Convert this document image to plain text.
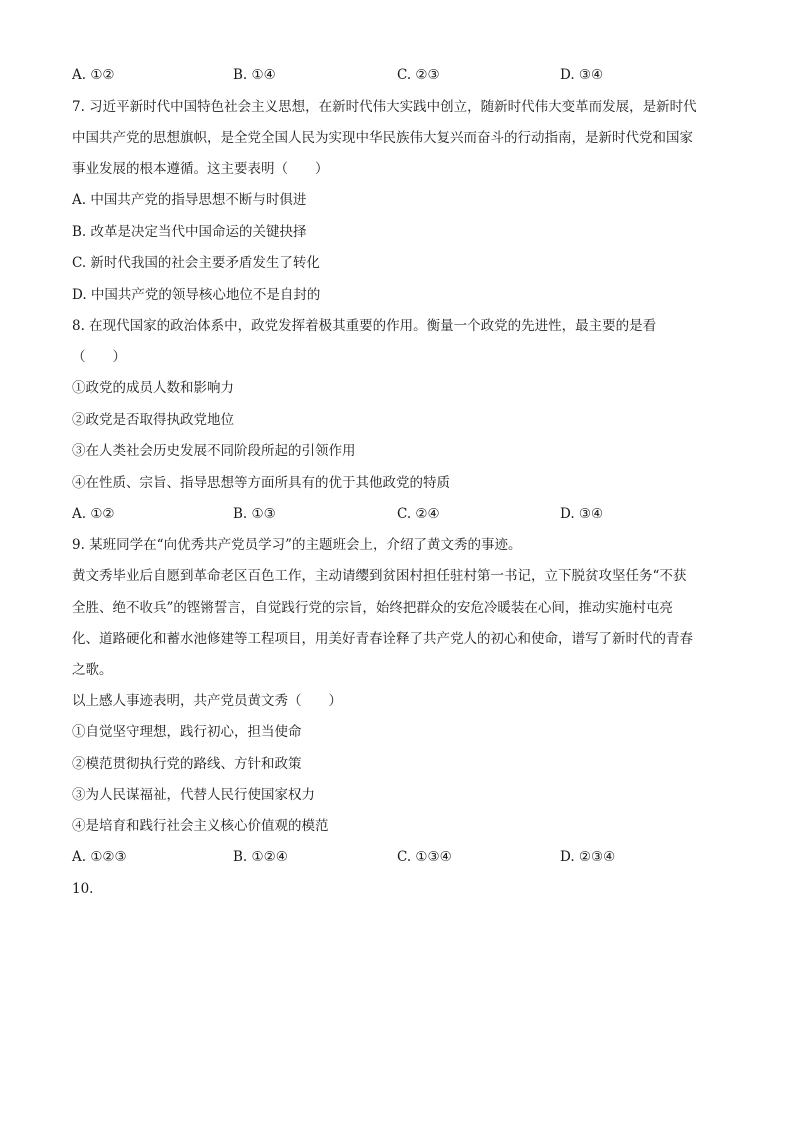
A. ①②	B. ①④	C. ②③	D. ③④
7. 习近平新时代中国特色社会主义思想，在新时代伟大实践中创立，随新时代伟大变革而发展，是新时代
中国共产党的思想旗帜，是全党全国人民为实现中华民族伟大复兴而奋斗的行动指南，是新时代党和国家
事业发展的根本遵循。这主要表明（　　）
A. 中国共产党的指导思想不断与时俱进
B. 改革是决定当代中国命运的关键抉择
C. 新时代我国的社会主要矛盾发生了转化
D. 中国共产党的领导核心地位不是自封的
8. 在现代国家的政治体系中，政党发挥着极其重要的作用。衡量一个政党的先进性，最主要的是看
（　　）
①政党的成员人数和影响力
②政党是否取得执政党地位
③在人类社会历史发展不同阶段所起的引领作用
④在性质、宗旨、指导思想等方面所具有的优于其他政党的特质
A. ①②	B. ①③	C. ②④	D. ③④
9. 某班同学在“向优秀共产党员学习”的主题班会上，介绍了黄文秀的事迹。
黄文秀毕业后自愿到革命老区百色工作，主动请缨到贫困村担任驻村第一书记，立下脱贫攻坚任务“不获
全胜、绝不收兵”的铿锵誓言，自觉践行党的宗旨，始终把群众的安危冷暖装在心间，推动实施村屯亮
化、道路硬化和蓄水池修建等工程项目，用美好青春诠释了共产党人的初心和使命，谱写了新时代的青春
之歌。
以上感人事迹表明，共产党员黄文秀（　　）
①自觉坚守理想，践行初心，担当使命
②模范贯彻执行党的路线、方针和政策
③为人民谋福祉，代替人民行使国家权力
④是培育和践行社会主义核心价值观的模范
A. ①②③	B. ①②④	C. ①③④	D. ②③④
10.
